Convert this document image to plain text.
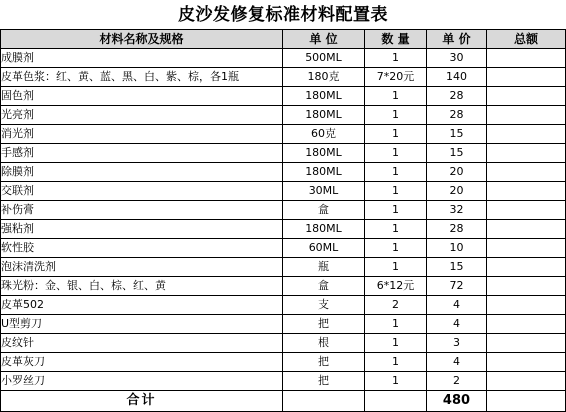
皮沙发修复标准材料配置表
材料名称及规格	单 位	数 量	单 价	总额
成膜剂	500ML	1	30	
皮革色浆：红、黄、蓝、黑、白、紫、棕，各1瓶	180克	7*20元	140	
固色剂	180ML	1	28	
光亮剂	180ML	1	28	
消光剂	60克	1	15	
手感剂	180ML	1	15	
除膜剂	180ML	1	20	
交联剂	30ML	1	20	
补伤膏	盒	1	32	
强粘剂	180ML	1	28	
软性胶	60ML	1	10	
泡沫清洗剂	瓶	1	15	
珠光粉：金、银、白、棕、红、黄	盒	6*12元	72	
皮革502	支	2	4	
U型剪刀	把	1	4	
皮纹针	根	1	3	
皮革灰刀	把	1	4	
小罗丝刀	把	1	2	
合计			480	
